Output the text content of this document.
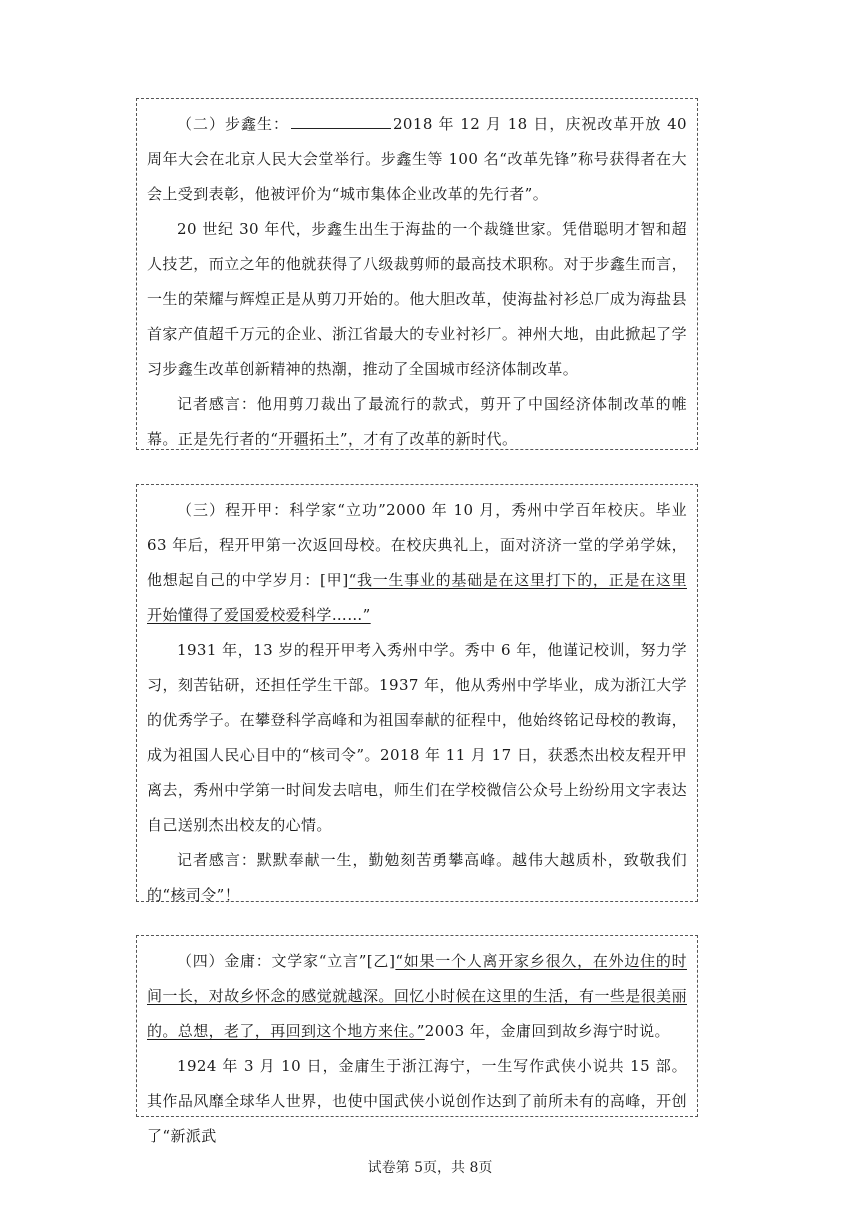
（二）步鑫生：	2018 年 12 月 18 日，庆祝改革开放 40 周年大会在北京人民大会堂举行。步鑫生等 100 名“改革先锋”称号获得者在大会上受到表彰，他被评价为“城市集体企业改革的先行者”。

20 世纪 30 年代，步鑫生出生于海盐的一个裁缝世家。凭借聪明才智和超人技艺，而立之年的他就获得了八级裁剪师的最高技术职称。对于步鑫生而言，一生的荣耀与辉煌正是从剪刀开始的。他大胆改革，使海盐衬衫总厂成为海盐县首家产值超千万元的企业、浙江省最大的专业衬衫厂。神州大地，由此掀起了学习步鑫生改革创新精神的热潮，推动了全国城市经济体制改革。

记者感言：他用剪刀裁出了最流行的款式，剪开了中国经济体制改革的帷幕。正是先行者的“开疆拓土”，才有了改革的新时代。

（三）程开甲：科学家“立功”2000 年 10 月，秀州中学百年校庆。毕业 63 年后，程开甲第一次返回母校。在校庆典礼上，面对济济一堂的学弟学妹，他想起自己的中学岁月：[甲]“我一生事业的基础是在这里打下的，正是在这里开始懂得了爱国爱校爱科学……”

1931 年，13 岁的程开甲考入秀州中学。秀中 6 年，他谨记校训，努力学习，刻苦钻研，还担任学生干部。1937 年，他从秀州中学毕业，成为浙江大学的优秀学子。在攀登科学高峰和为祖国奉献的征程中，他始终铭记母校的教诲，成为祖国人民心目中的“核司令”。2018 年 11 月 17 日，获悉杰出校友程开甲离去，秀州中学第一时间发去唁电，师生们在学校微信公众号上纷纷用文字表达自己送别杰出校友的心情。

记者感言：默默奉献一生，勤勉刻苦勇攀高峰。越伟大越质朴，致敬我们的“核司令”！

（四）金庸：文学家“立言”[乙]“如果一个人离开家乡很久，在外边住的时间一长，对故乡怀念的感觉就越深。回忆小时候在这里的生活，有一些是很美丽的。总想，老了，再回到这个地方来住。”2003 年，金庸回到故乡海宁时说。

1924 年 3 月 10 日，金庸生于浙江海宁，一生写作武侠小说共 15 部。其作品风靡全球华人世界，也使中国武侠小说创作达到了前所未有的高峰，开创了“新派武

试卷第 5页，共 8页
